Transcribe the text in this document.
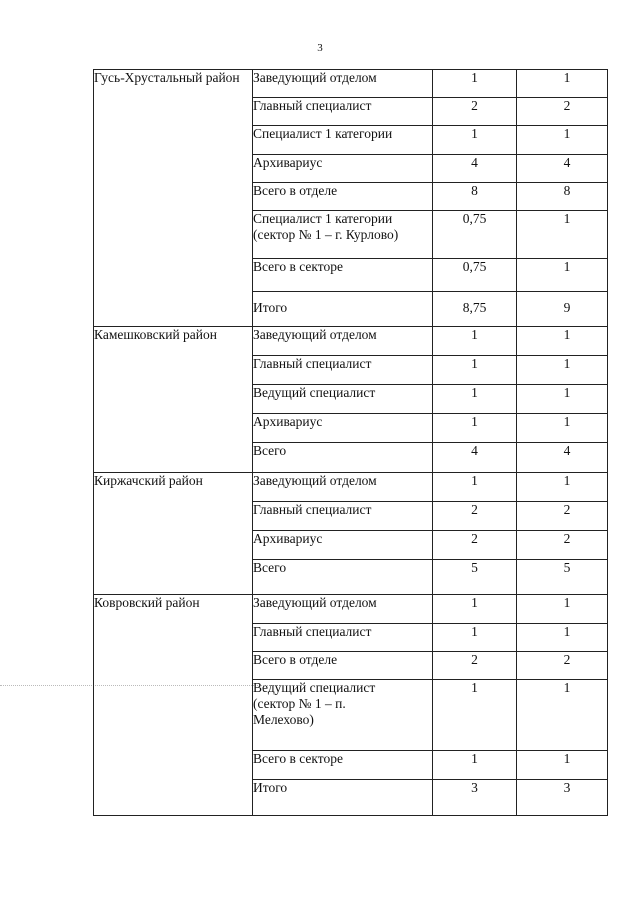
3
Гусь-Хрустальный район	Заведующий отделом	1	1
	Главный специалист	2	2
	Специалист 1 категории	1	1
	Архивариус	4	4
	Всего в отделе	8	8
	Специалист 1 категории (сектор № 1 – г. Курлово)	0,75	1
	Всего в секторе	0,75	1
	Итого	8,75	9
Камешковский район	Заведующий отделом	1	1
	Главный специалист	1	1
	Ведущий специалист	1	1
	Архивариус	1	1
	Всего	4	4
Киржачский район	Заведующий отделом	1	1
	Главный специалист	2	2
	Архивариус	2	2
	Всего	5	5
Ковровский район	Заведующий отделом	1	1
	Главный специалист	1	1
	Всего в отделе	2	2
	Ведущий специалист (сектор № 1 – п. Мелехово)	1	1
	Всего в секторе	1	1
	Итого	3	3
